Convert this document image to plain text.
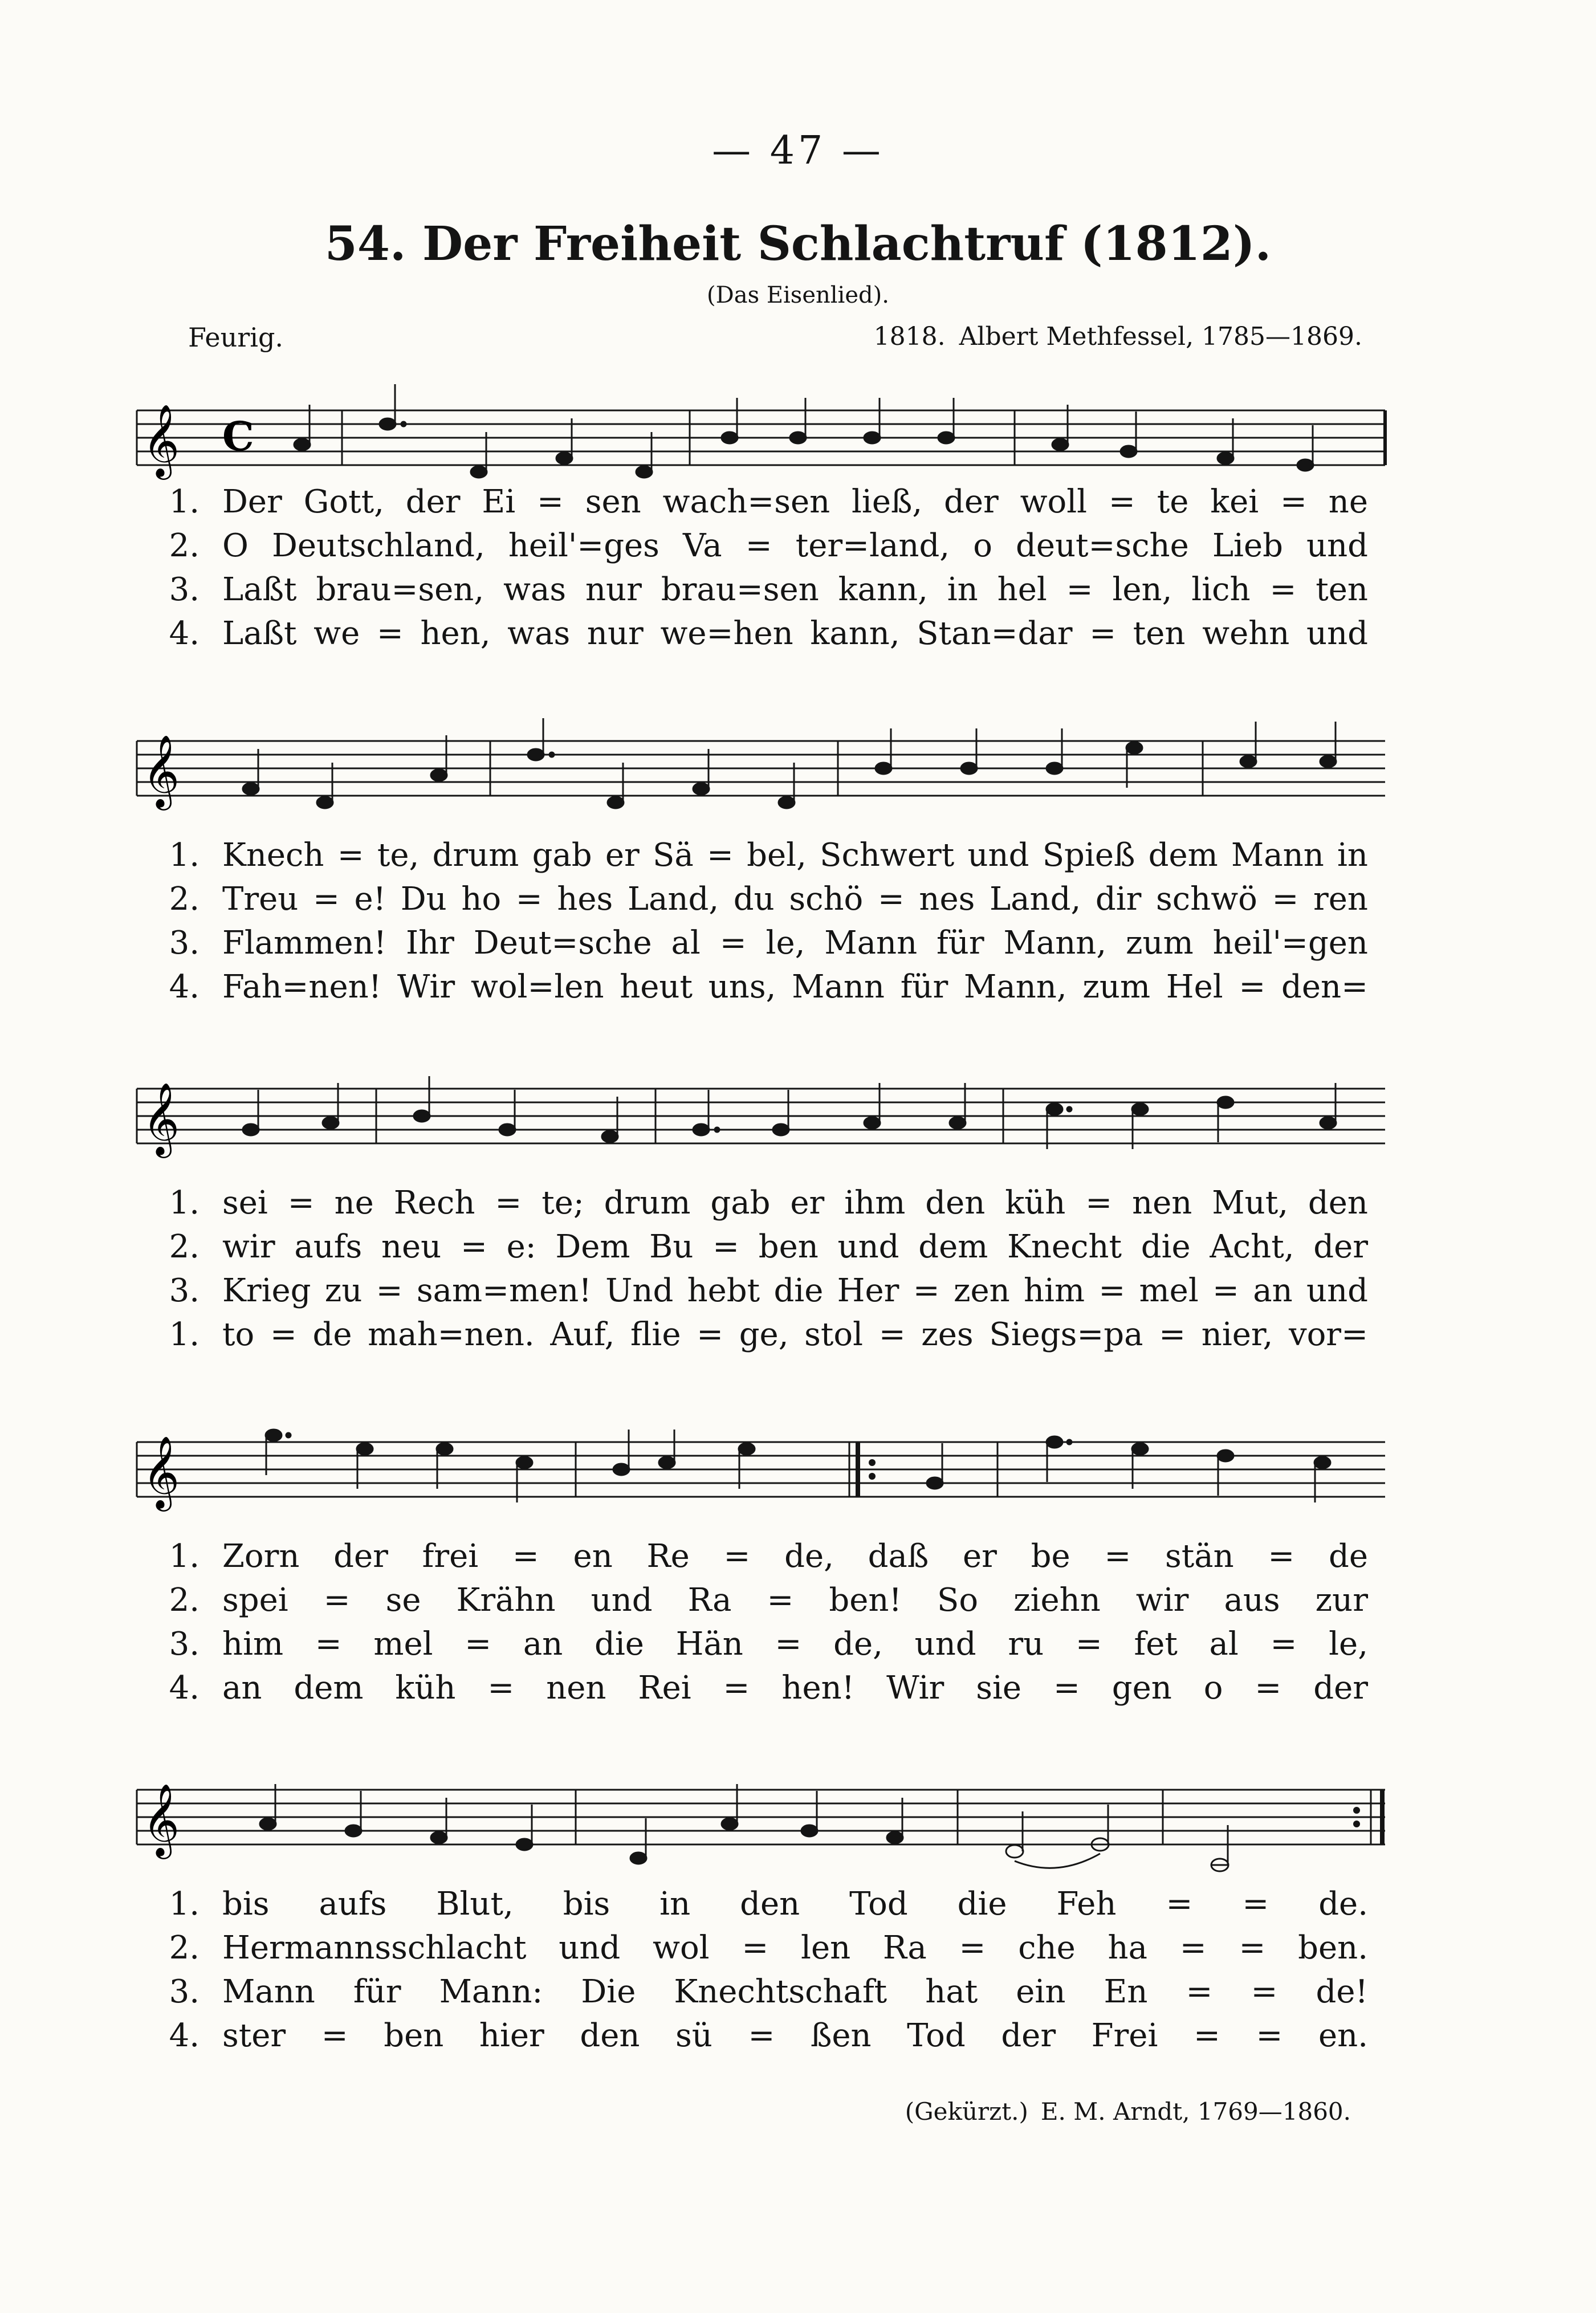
— 47 —
54. Der Freiheit Schlachtruf (1812).
(Das Eisenlied).
Feurig.	1818. Albert Methfessel, 1785—1869.
𝄞 C
1. Der Gott, der Ei = sen wach=sen ließ, der woll = te kei = ne
2. O Deutschland, heil'=ges Va = ter=land, o deut=sche Lieb und
3. Laßt brau=sen, was nur brau=sen kann, in hel = len, lich = ten
4. Laßt we = hen, was nur we=hen kann, Stan=dar = ten wehn und
𝄞
1. Knech = te, drum gab er Sä = bel, Schwert und Spieß dem Mann in
2. Treu = e! Du ho = hes Land, du schö = nes Land, dir schwö = ren
3. Flammen! Ihr Deut=sche al = le, Mann für Mann, zum heil'=gen
4. Fah=nen! Wir wol=len heut uns, Mann für Mann, zum Hel = den=
𝄞
1. sei = ne Rech = te; drum gab er ihm den küh = nen Mut, den
2. wir aufs neu = e: Dem Bu = ben und dem Knecht die Acht, der
3. Krieg zu = sam=men! Und hebt die Her = zen him = mel = an und
1. to = de mah=nen. Auf, flie = ge, stol = zes Siegs=pa = nier, vor=
𝄞
1. Zorn der frei = en Re = de, daß er be = stän = de
2. spei = se Krähn und Ra = ben! So ziehn wir aus zur
3. him = mel = an die Hän = de, und ru = fet al = le,
4. an dem küh = nen Rei = hen! Wir sie = gen o = der
𝄞
1. bis aufs Blut, bis in den Tod die Feh = = de.
2. Hermannsschlacht und wol = len Ra = che ha = = ben.
3. Mann für Mann: Die Knechtschaft hat ein En = = de!
4. ster = ben hier den sü = ßen Tod der Frei = = en.
(Gekürzt.) E. M. Arndt, 1769—1860.
